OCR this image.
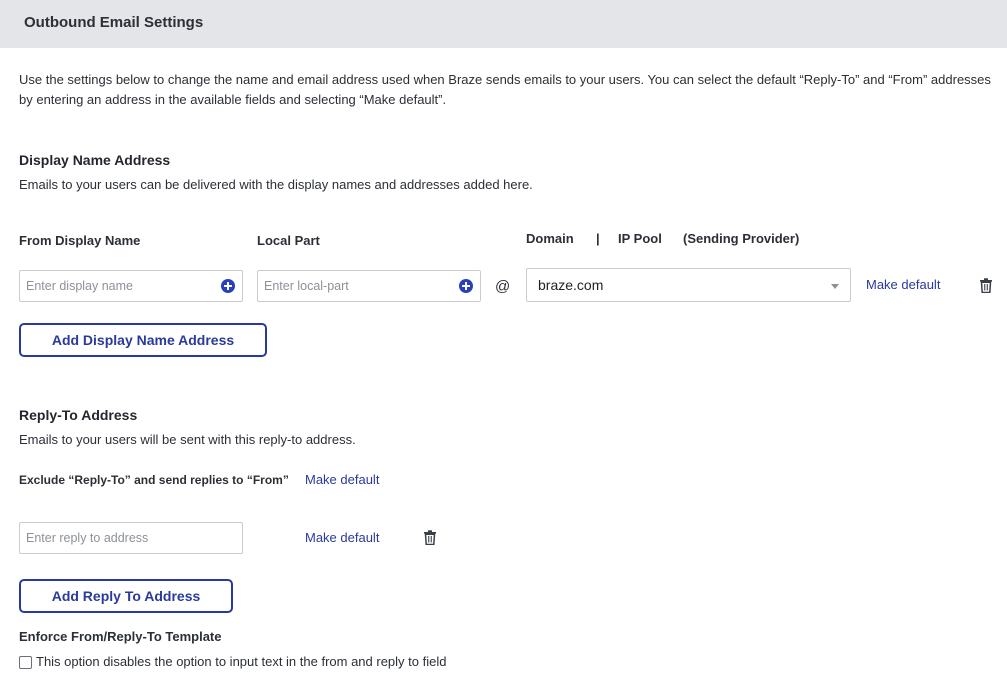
Outbound Email Settings
Use the settings below to change the name and email address used when Braze sends emails to your users. You can select the default “Reply-To” and “From” addresses by entering an address in the available fields and selecting “Make default”.
Display Name Address
Emails to your users can be delivered with the display names and addresses added here.
From Display Name	Local Part	Domain | IP Pool (Sending Provider)
Enter display name	Enter local-part	@ braze.com	Make default
Add Display Name Address
Reply-To Address
Emails to your users will be sent with this reply-to address.
Exclude “Reply-To” and send replies to “From” Make default
Enter reply to address	Make default
Add Reply To Address
Enforce From/Reply-To Template
This option disables the option to input text in the from and reply to field
